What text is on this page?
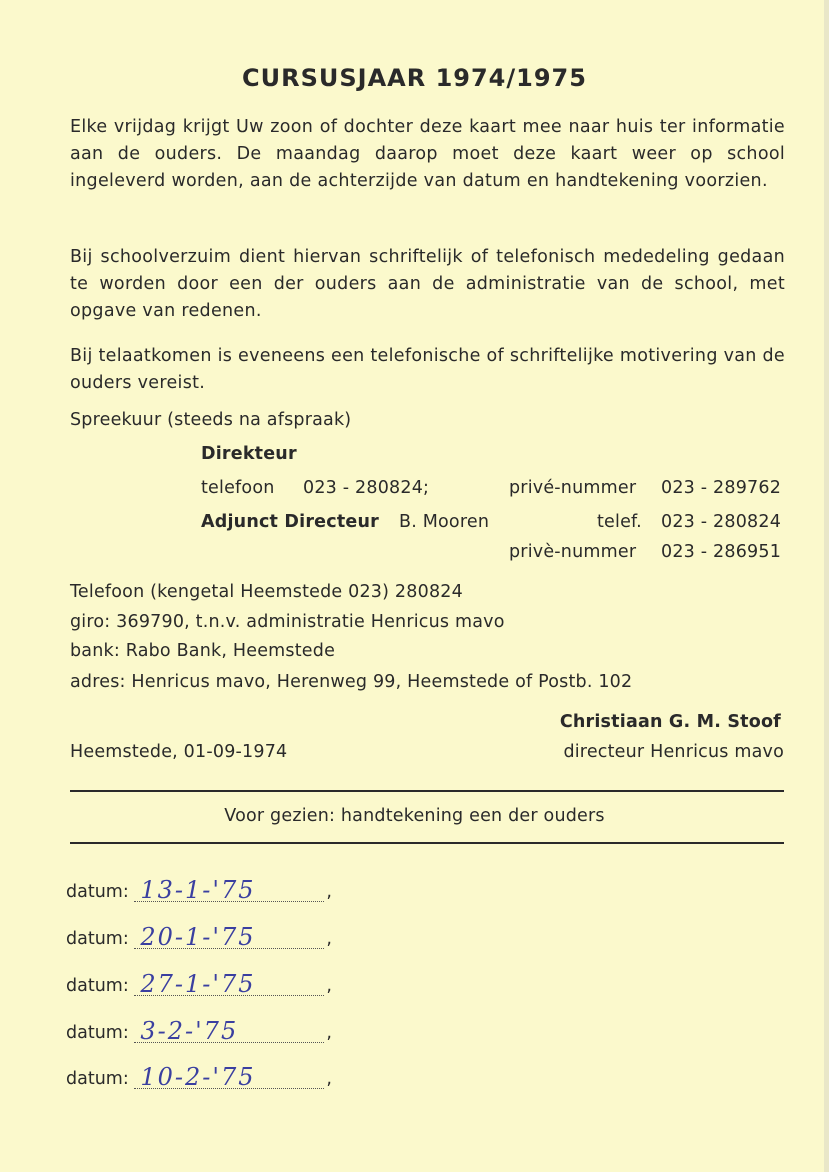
CURSUSJAAR 1974/1975
Elke vrijdag krijgt Uw zoon of dochter deze kaart mee naar huis ter informatie aan de ouders. De maandag daarop moet deze kaart weer op school ingeleverd worden, aan de achterzijde van datum en handtekening voorzien.
Bij schoolverzuim dient hiervan schriftelijk of telefonisch mededeling gedaan te worden door een der ouders aan de administratie van de school, met opgave van redenen.
Bij telaatkomen is eveneens een telefonische of schriftelijke motivering van de ouders vereist.
Spreekuur (steeds na afspraak)
Direkteur
telefoon 023 - 280824;	privé-nummer 023 - 289762
Adjunct Directeur B. Mooren	telef. 023 - 280824
privè-nummer 023 - 286951
Telefoon (kengetal Heemstede 023) 280824
giro: 369790, t.n.v. administratie Henricus mavo
bank: Rabo Bank, Heemstede
adres: Henricus mavo, Herenweg 99, Heemstede of Postb. 102
Christiaan G. M. Stoof
Heemstede, 01-09-1974	directeur Henricus mavo
Voor gezien: handtekening een der ouders
datum: 13-1-'75	,
datum: 20-1-'75	,
datum: 27-1-'75	,
datum: 3-2-'75	,
datum: 10-2-'75	,
